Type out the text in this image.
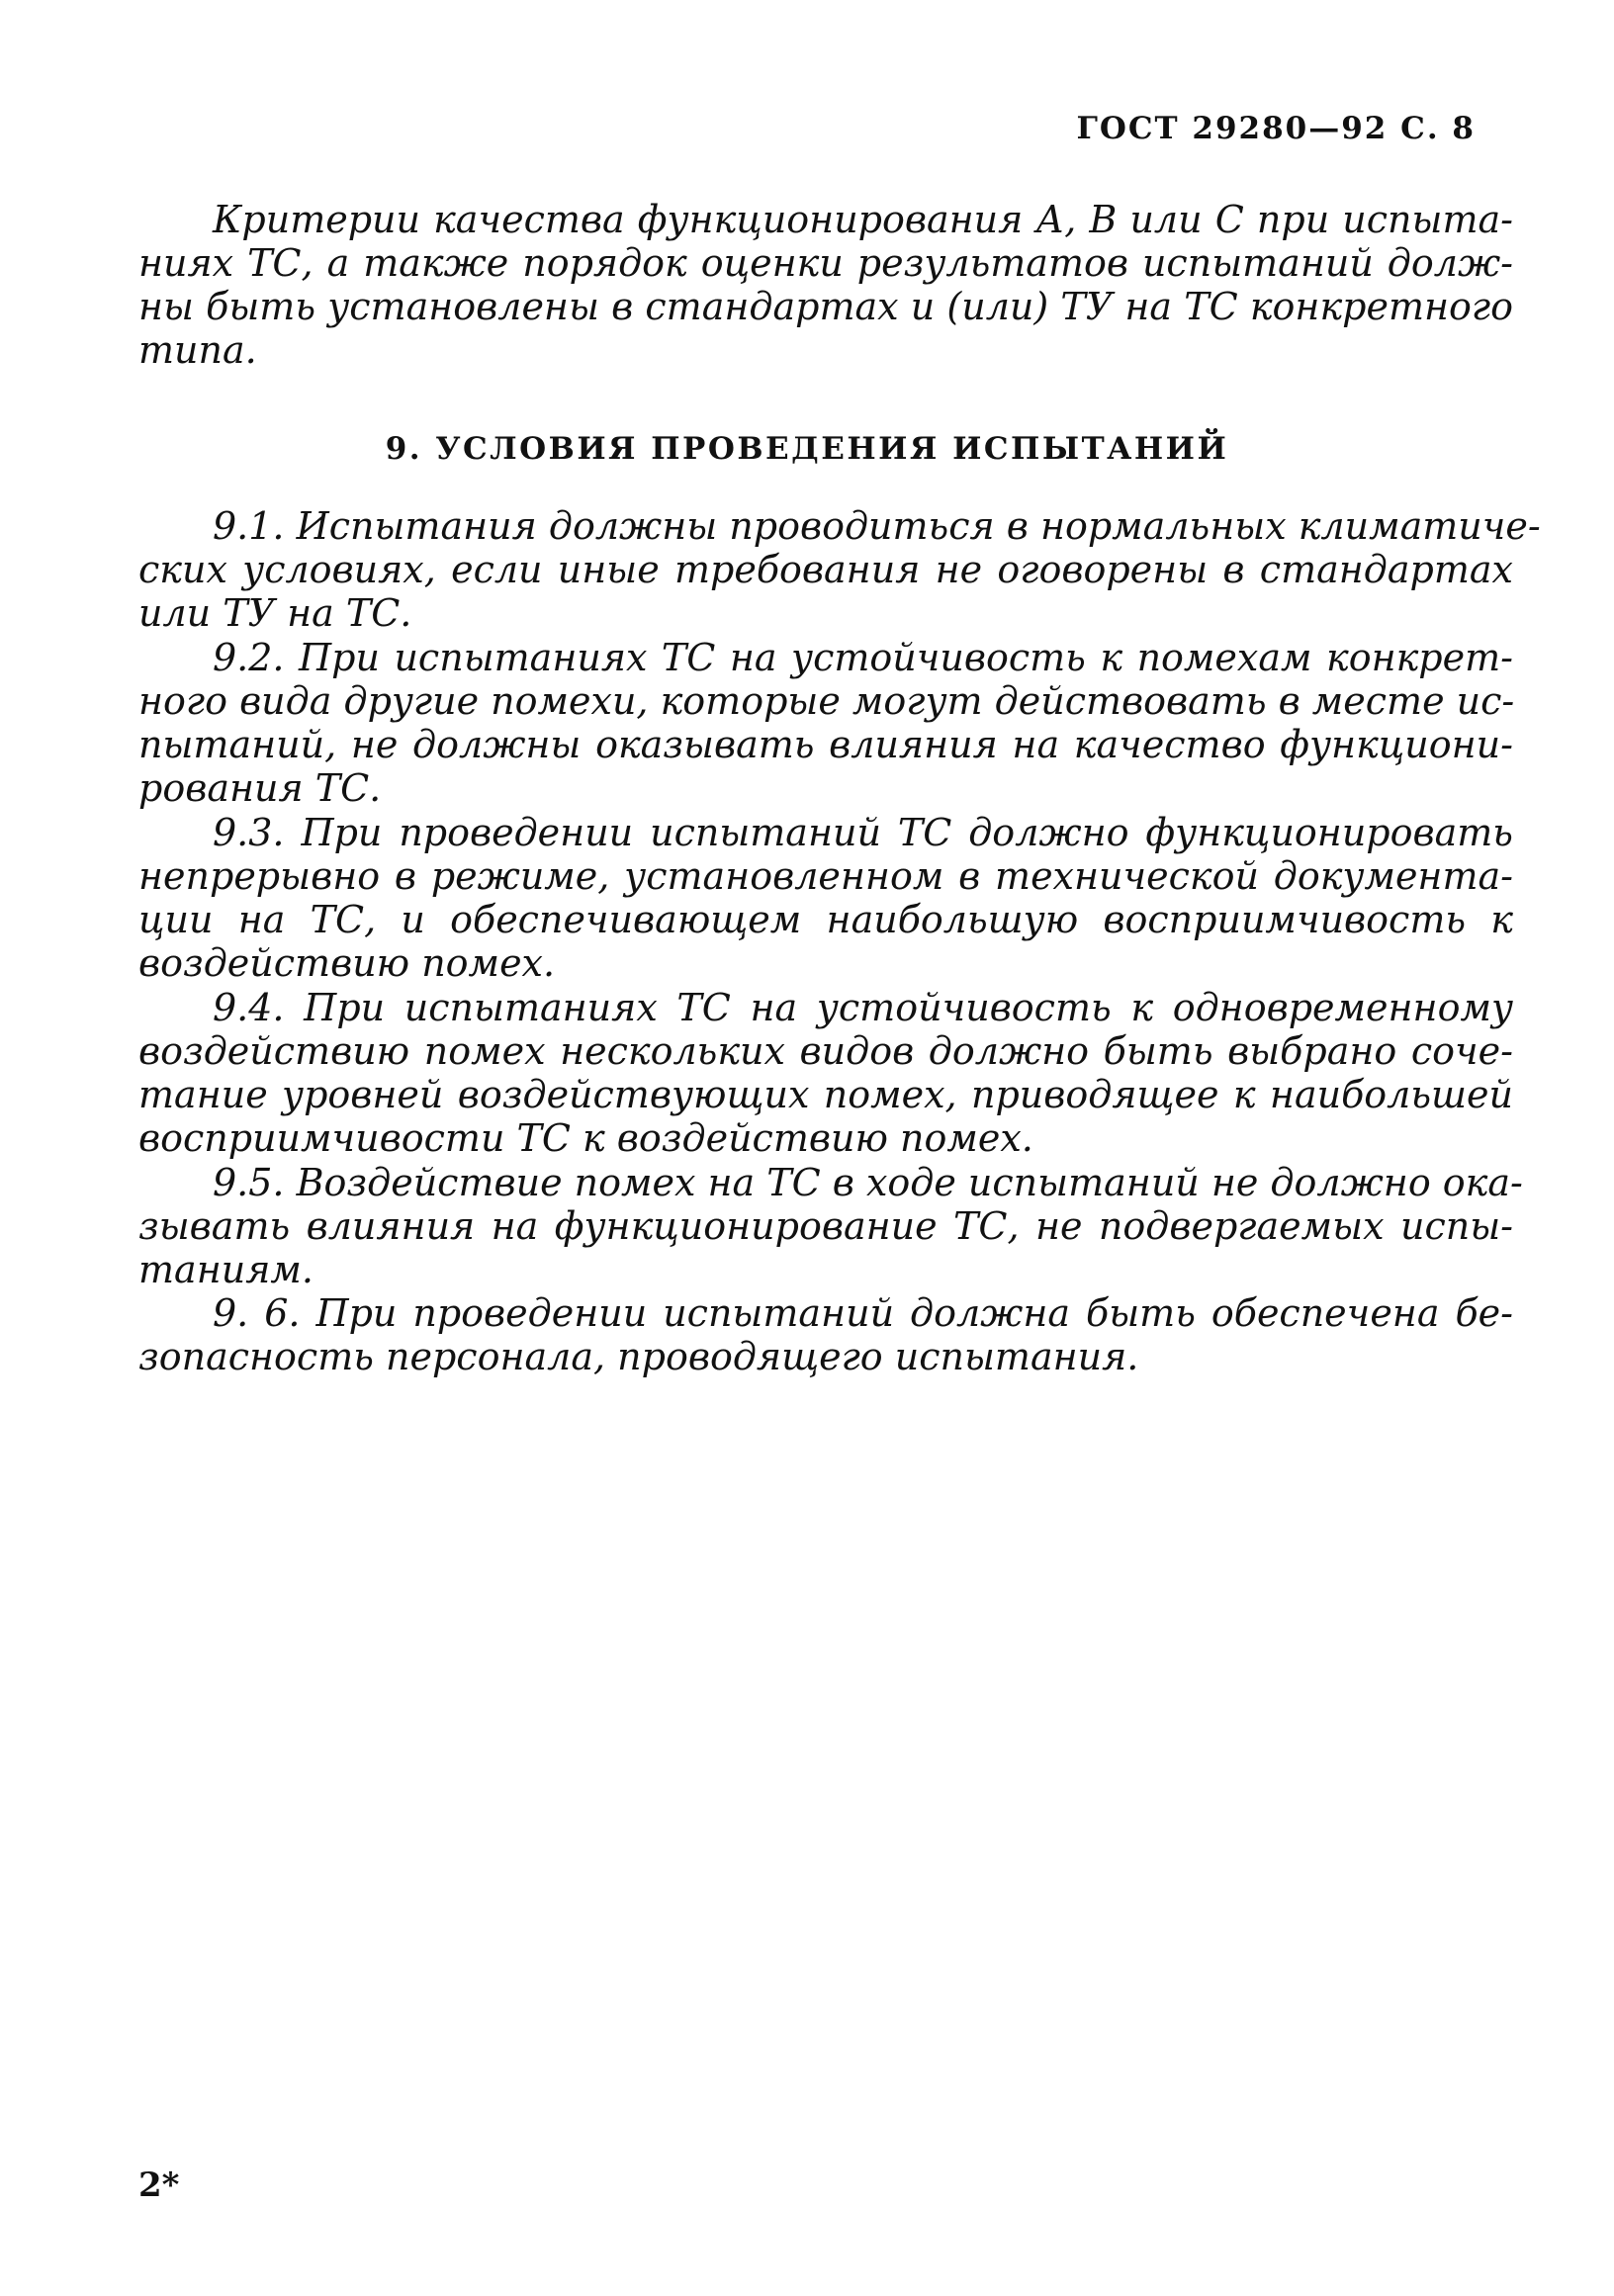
ГОСТ 29280—92 С. 8
Критерии качества функционирования А, В или С при испыта-
ниях ТС, а также порядок оценки результатов испытаний долж-
ны быть установлены в стандартах и (или) ТУ на ТС конкретного
типа.
9. УСЛОВИЯ ПРОВЕДЕНИЯ ИСПЫТАНИЙ
9.1. Испытания должны проводиться в нормальных климатиче-
ских условиях, если иные требования не оговорены в стандартах
или ТУ на ТС.
9.2. При испытаниях ТС на устойчивость к помехам конкрет-
ного вида другие помехи, которые могут действовать в месте ис-
пытаний, не должны оказывать влияния на качество функциони-
рования ТС.
9.3. При проведении испытаний ТС должно функционировать
непрерывно в режиме, установленном в технической документа-
ции на ТС, и обеспечивающем наибольшую восприимчивость к
воздействию помех.
9.4. При испытаниях ТС на устойчивость к одновременному
воздействию помех нескольких видов должно быть выбрано соче-
тание уровней воздействующих помех, приводящее к наибольшей
восприимчивости ТС к воздействию помех.
9.5. Воздействие помех на ТС в ходе испытаний не должно ока-
зывать влияния на функционирование ТС, не подвергаемых испы-
таниям.
9. 6. При проведении испытаний должна быть обеспечена бе-
зопасность персонала, проводящего испытания.
2*
